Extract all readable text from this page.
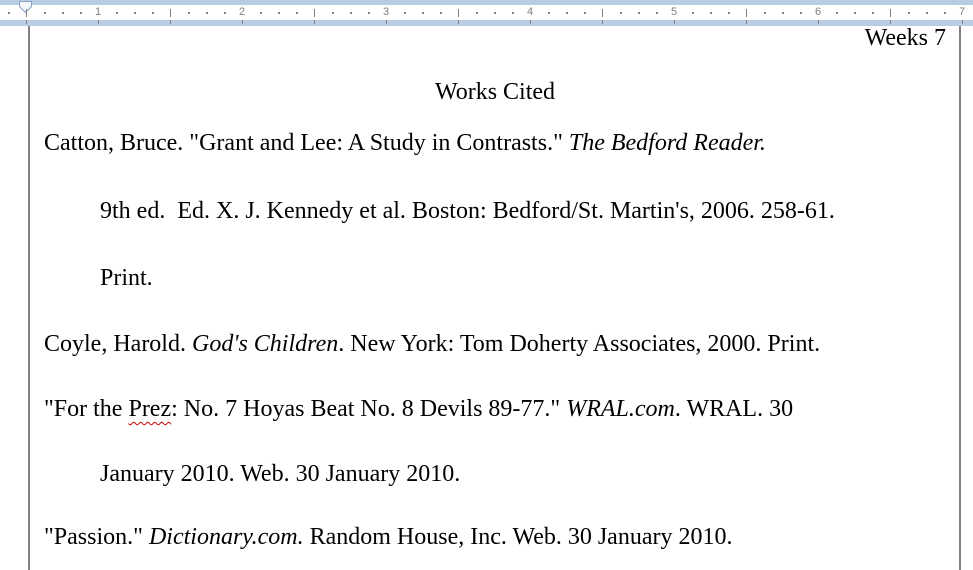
1	2	3	4	5	6	7
Weeks 7
Works Cited
Catton, Bruce. "Grant and Lee: A Study in Contrasts." The Bedford Reader.
9th ed.  Ed. X. J. Kennedy et al. Boston: Bedford/St. Martin's, 2006. 258-61.
Print.
Coyle, Harold. God's Children. New York: Tom Doherty Associates, 2000. Print.
"For the Prez: No. 7 Hoyas Beat No. 8 Devils 89-77." WRAL.com. WRAL. 30
January 2010. Web. 30 January 2010.
"Passion." Dictionary.com. Random House, Inc. Web. 30 January 2010.
